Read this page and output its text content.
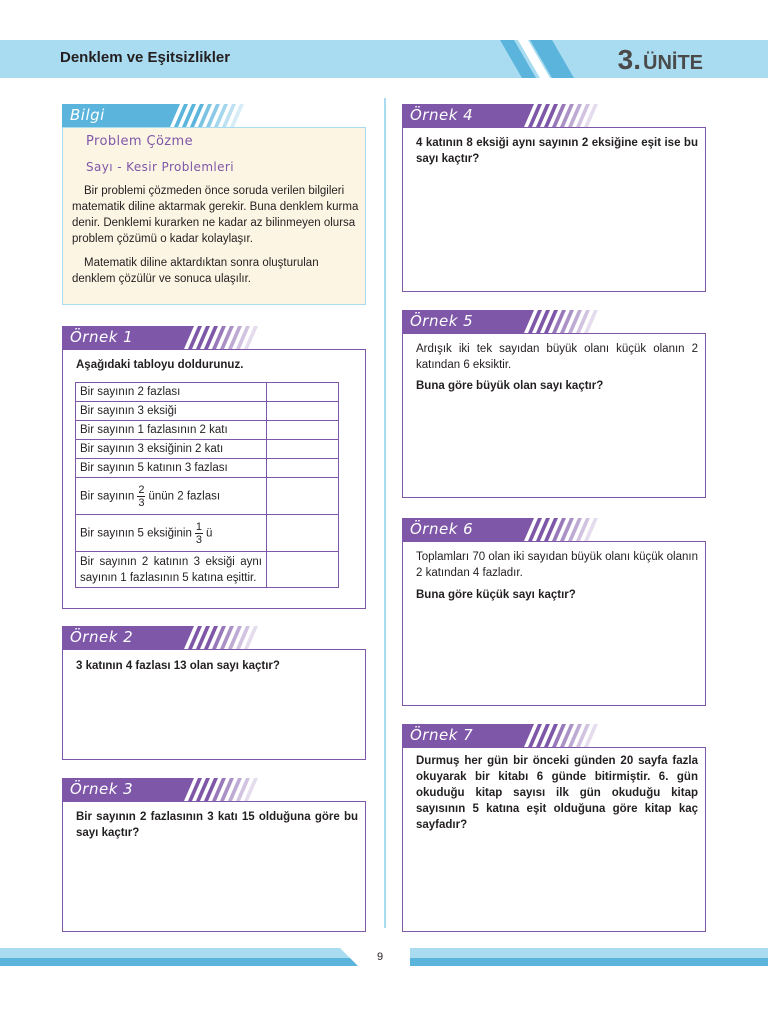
Denklem ve Eşitsizlikler	3. ÜNİTE
Bilgi
Problem Çözme
Sayı - Kesir Problemleri
Bir problemi çözmeden önce soruda verilen bilgileri matematik diline aktarmak gerekir. Buna denklem kurma denir. Denklemi kurarken ne kadar az bilinmeyen olursa problem çözümü o kadar kolaylaşır.
Matematik diline aktardıktan sonra oluşturulan denklem çözülür ve sonuca ulaşılır.
Örnek 1
Aşağıdaki tabloyu doldurunuz.
Bir sayının 2 fazlası	
Bir sayının 3 eksiği	
Bir sayının 1 fazlasının 2 katı	
Bir sayının 3 eksiğinin 2 katı	
Bir sayının 5 katının 3 fazlası	
Bir sayının $\frac{2}{3}$ ünün 2 fazlası	
Bir sayının 5 eksiğinin $\frac{1}{3}$ ü	
Bir sayının 2 katının 3 eksiği aynı sayının 1 fazlasının 5 katına eşittir.	
Örnek 2
3 katının 4 fazlası 13 olan sayı kaçtır?
Örnek 3
Bir sayının 2 fazlasının 3 katı 15 olduğuna göre bu sayı kaçtır?
Örnek 4
4 katının 8 eksiği aynı sayının 2 eksiğine eşit ise bu sayı kaçtır?
Örnek 5
Ardışık iki tek sayıdan büyük olanı küçük olanın 2 katından 6 eksiktir.
Buna göre büyük olan sayı kaçtır?
Örnek 6
Toplamları 70 olan iki sayıdan büyük olanı küçük olanın 2 katından 4 fazladır.
Buna göre küçük sayı kaçtır?
Örnek 7
Durmuş her gün bir önceki günden 20 sayfa fazla okuyarak bir kitabı 6 günde bitirmiştir. 6. gün okuduğu kitap sayısı ilk gün okuduğu kitap sayısının 5 katına eşit olduğuna göre kitap kaç sayfadır?
9
